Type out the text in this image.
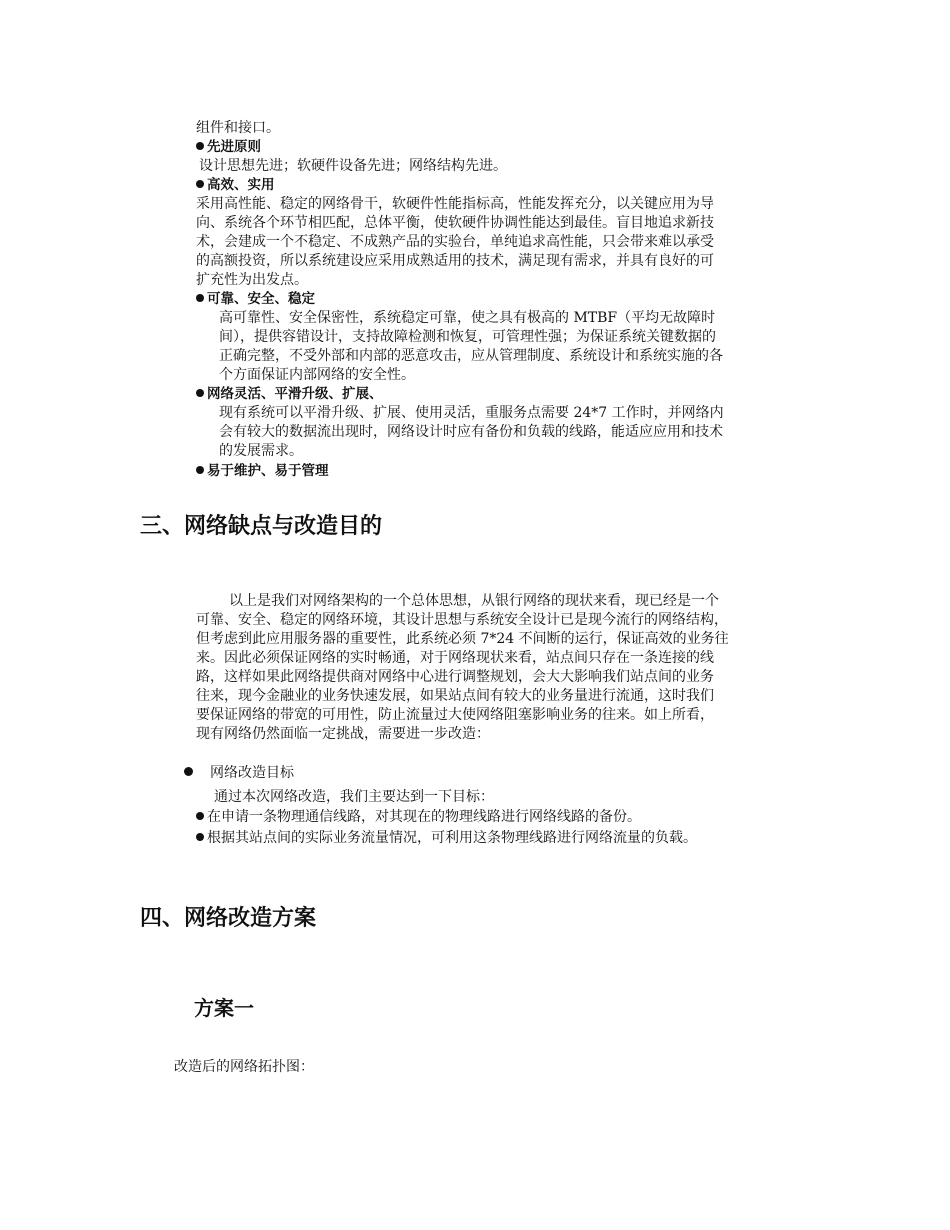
组件和接口。
先进原则
设计思想先进；软硬件设备先进；网络结构先进。
高效、实用
采用高性能、稳定的网络骨干，软硬件性能指标高，性能发挥充分，以关键应用为导
向、系统各个环节相匹配，总体平衡，使软硬件协调性能达到最佳。盲目地追求新技
术，会建成一个不稳定、不成熟产品的实验台，单纯追求高性能，只会带来难以承受
的高额投资，所以系统建设应采用成熟适用的技术，满足现有需求，并具有良好的可
扩充性为出发点。
可靠、安全、稳定
高可靠性、安全保密性，系统稳定可靠，使之具有极高的 MTBF（平均无故障时
间），提供容错设计，支持故障检测和恢复，可管理性强；为保证系统关键数据的
正确完整，不受外部和内部的恶意攻击，应从管理制度、系统设计和系统实施的各
个方面保证内部网络的安全性。
网络灵活、平滑升级、扩展、
现有系统可以平滑升级、扩展、使用灵活，重服务点需要 24*7 工作时，并网络内
会有较大的数据流出现时，网络设计时应有备份和负载的线路，能适应应用和技术
的发展需求。
易于维护、易于管理
三、网络缺点与改造目的
以上是我们对网络架构的一个总体思想，从银行网络的现状来看，现已经是一个
可靠、安全、稳定的网络环境，其设计思想与系统安全设计已是现今流行的网络结构，
但考虑到此应用服务器的重要性，此系统必须 7*24 不间断的运行，保证高效的业务往
来。因此必须保证网络的实时畅通，对于网络现状来看，站点间只存在一条连接的线
路，这样如果此网络提供商对网络中心进行调整规划，会大大影响我们站点间的业务
往来，现今金融业的业务快速发展，如果站点间有较大的业务量进行流通，这时我们
要保证网络的带宽的可用性，防止流量过大使网络阻塞影响业务的往来。如上所看，
现有网络仍然面临一定挑战，需要进一步改造：
网络改造目标
通过本次网络改造，我们主要达到一下目标：
在申请一条物理通信线路，对其现在的物理线路进行网络线路的备份。
根据其站点间的实际业务流量情况，可利用这条物理线路进行网络流量的负载。
四、网络改造方案
方案一
改造后的网络拓扑图：
